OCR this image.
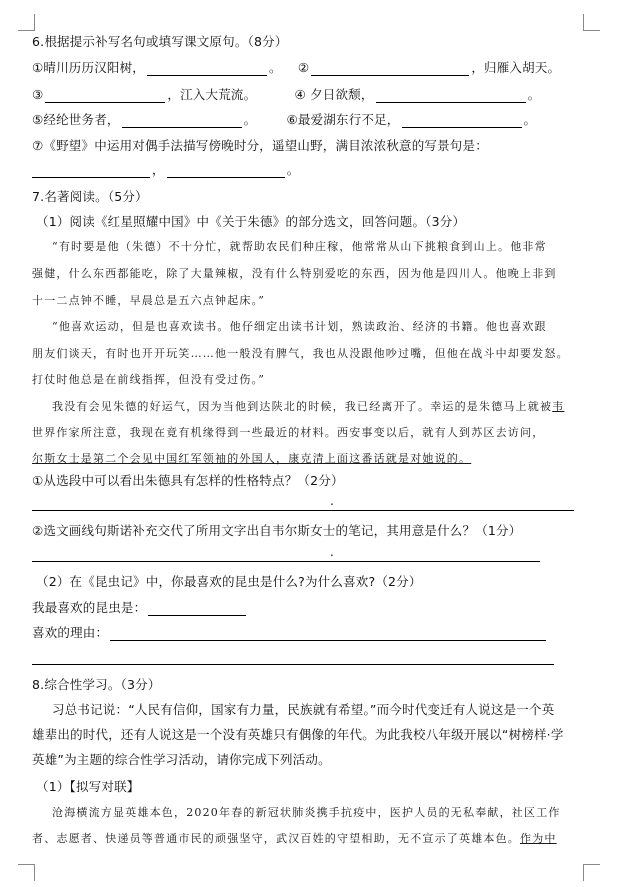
6.根据提示补写名句或填写课文原句。（8分）
①晴川历历汉阳树，	。 ②	，归雁入胡天。
③	，江入大荒流。	④ 夕日欲颓，	。
⑤经纶世务者，	。 ⑥最爱湖东行不足，	。
⑦《野望》中运用对偶手法描写傍晚时分，遥望山野，满目浓浓秋意的写景句是：
，	。
7.名著阅读。（5分）
（1）阅读《红星照耀中国》中《关于朱德》的部分选文，回答问题。（3分）
“有时要是他（朱德）不十分忙，就帮助农民们种庄稼，他常常从山下挑粮食到山上。他非常
强健，什么东西都能吃，除了大量辣椒，没有什么特别爱吃的东西，因为他是四川人。他晚上非到
十一二点钟不睡，早晨总是五六点钟起床。”
“他喜欢运动，但是也喜欢读书。他仔细定出读书计划，熟读政治、经济的书籍。他也喜欢跟
朋友们谈天，有时也开开玩笑……他一般没有脾气，我也从没跟他吵过嘴，但他在战斗中却要发怒。
打仗时他总是在前线指挥，但没有受过伤。”
我没有会见朱德的好运气，因为当他到达陕北的时候，我已经离开了。幸运的是朱德马上就被韦
世界作家所注意，我现在竟有机缘得到一些最近的材料。西安事变以后，就有人到苏区去访问，
尔斯女士是第二个会见中国红军领袖的外国人，康克清上面这番话就是对她说的。
①从选段中可以看出朱德具有怎样的性格特点？（2分）
.
②选文画线句斯诺补充交代了所用文字出自韦尔斯女士的笔记，其用意是什么？（1分）
.
（2）在《昆虫记》中，你最喜欢的昆虫是什么?为什么喜欢?（2分）
我最喜欢的昆虫是：
喜欢的理由：
8.综合性学习。（3分）
习总书记说：“人民有信仰，国家有力量，民族就有希望。”而今时代变迁有人说这是一个英
雄辈出的时代，还有人说这是一个没有英雄只有偶像的年代。为此我校八年级开展以“树榜样·学
英雄”为主题的综合性学习活动，请你完成下列活动。
（1）【拟写对联】
沧海横流方显英雄本色，2020年春的新冠状肺炎携手抗疫中，医护人员的无私奉献，社区工作
者、志愿者、快递员等普通市民的顽强坚守，武汉百姓的守望相助，无不宣示了英雄本色。作为中
